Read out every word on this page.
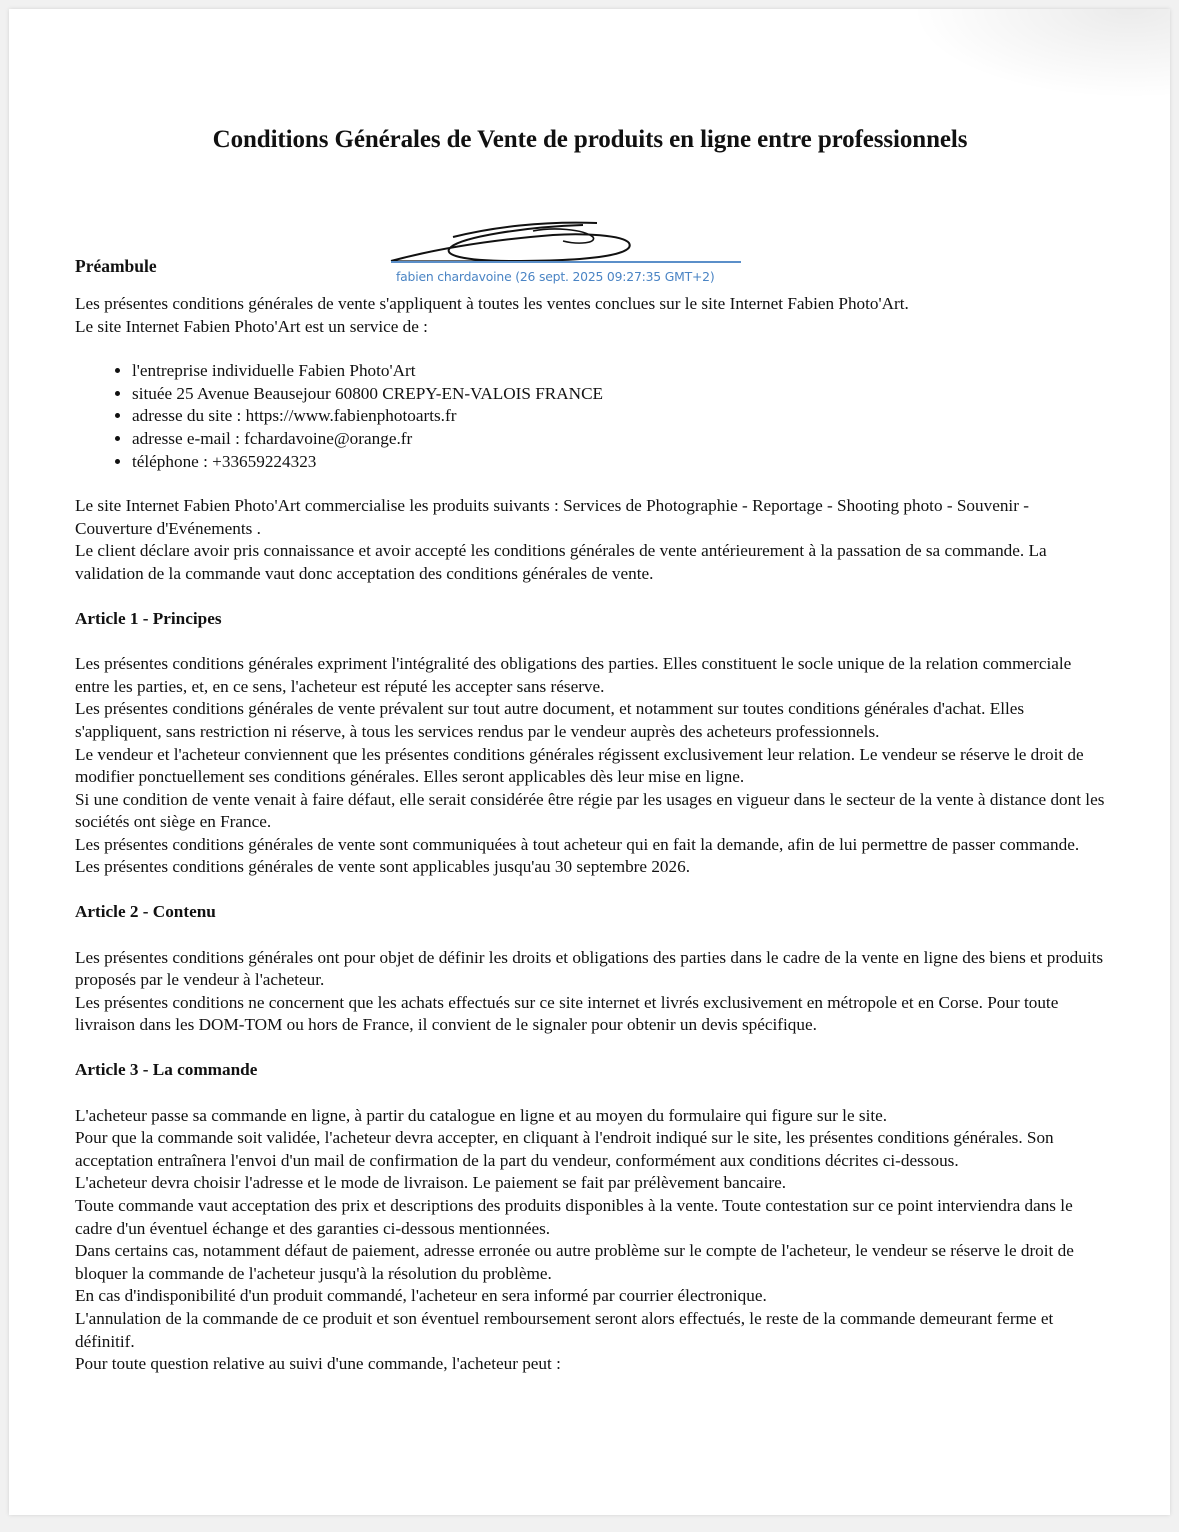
Conditions Générales de Vente de produits en ligne entre professionnels
Préambule
fabien chardavoine (26 sept. 2025 09:27:35 GMT+2)

Les présentes conditions générales de vente s'appliquent à toutes les ventes conclues sur le site Internet Fabien Photo'Art.

Le site Internet Fabien Photo'Art est un service de :

• l'entreprise individuelle Fabien Photo'Art
• située 25 Avenue Beausejour 60800 CREPY-EN-VALOIS FRANCE
• adresse du site : https://www.fabienphotoarts.fr
• adresse e-mail : fchardavoine@orange.fr
• téléphone : +33659224323

Le site Internet Fabien Photo'Art commercialise les produits suivants : Services de Photographie - Reportage - Shooting photo - Souvenir - Couverture d'Evénements .

Le client déclare avoir pris connaissance et avoir accepté les conditions générales de vente antérieurement à la passation de sa commande. La validation de la commande vaut donc acceptation des conditions générales de vente.

Article 1 - Principes

Les présentes conditions générales expriment l'intégralité des obligations des parties. Elles constituent le socle unique de la relation commerciale entre les parties, et, en ce sens, l'acheteur est réputé les accepter sans réserve.

Les présentes conditions générales de vente prévalent sur tout autre document, et notamment sur toutes conditions générales d'achat. Elles s'appliquent, sans restriction ni réserve, à tous les services rendus par le vendeur auprès des acheteurs professionnels.

Le vendeur et l'acheteur conviennent que les présentes conditions générales régissent exclusivement leur relation. Le vendeur se réserve le droit de modifier ponctuellement ses conditions générales. Elles seront applicables dès leur mise en ligne.

Si une condition de vente venait à faire défaut, elle serait considérée être régie par les usages en vigueur dans le secteur de la vente à distance dont les sociétés ont siège en France.

Les présentes conditions générales de vente sont communiquées à tout acheteur qui en fait la demande, afin de lui permettre de passer commande.

Les présentes conditions générales de vente sont applicables jusqu'au 30 septembre 2026.

Article 2 - Contenu

Les présentes conditions générales ont pour objet de définir les droits et obligations des parties dans le cadre de la vente en ligne des biens et produits proposés par le vendeur à l'acheteur.

Les présentes conditions ne concernent que les achats effectués sur ce site internet et livrés exclusivement en métropole et en Corse. Pour toute livraison dans les DOM-TOM ou hors de France, il convient de le signaler pour obtenir un devis spécifique.

Article 3 - La commande

L'acheteur passe sa commande en ligne, à partir du catalogue en ligne et au moyen du formulaire qui figure sur le site.

Pour que la commande soit validée, l'acheteur devra accepter, en cliquant à l'endroit indiqué sur le site, les présentes conditions générales. Son acceptation entraînera l'envoi d'un mail de confirmation de la part du vendeur, conformément aux conditions décrites ci-dessous.

L'acheteur devra choisir l'adresse et le mode de livraison. Le paiement se fait par prélèvement bancaire.

Toute commande vaut acceptation des prix et descriptions des produits disponibles à la vente. Toute contestation sur ce point interviendra dans le cadre d'un éventuel échange et des garanties ci-dessous mentionnées.

Dans certains cas, notamment défaut de paiement, adresse erronée ou autre problème sur le compte de l'acheteur, le vendeur se réserve le droit de bloquer la commande de l'acheteur jusqu'à la résolution du problème.

En cas d'indisponibilité d'un produit commandé, l'acheteur en sera informé par courrier électronique.

L'annulation de la commande de ce produit et son éventuel remboursement seront alors effectués, le reste de la commande demeurant ferme et définitif.

Pour toute question relative au suivi d'une commande, l'acheteur peut :
